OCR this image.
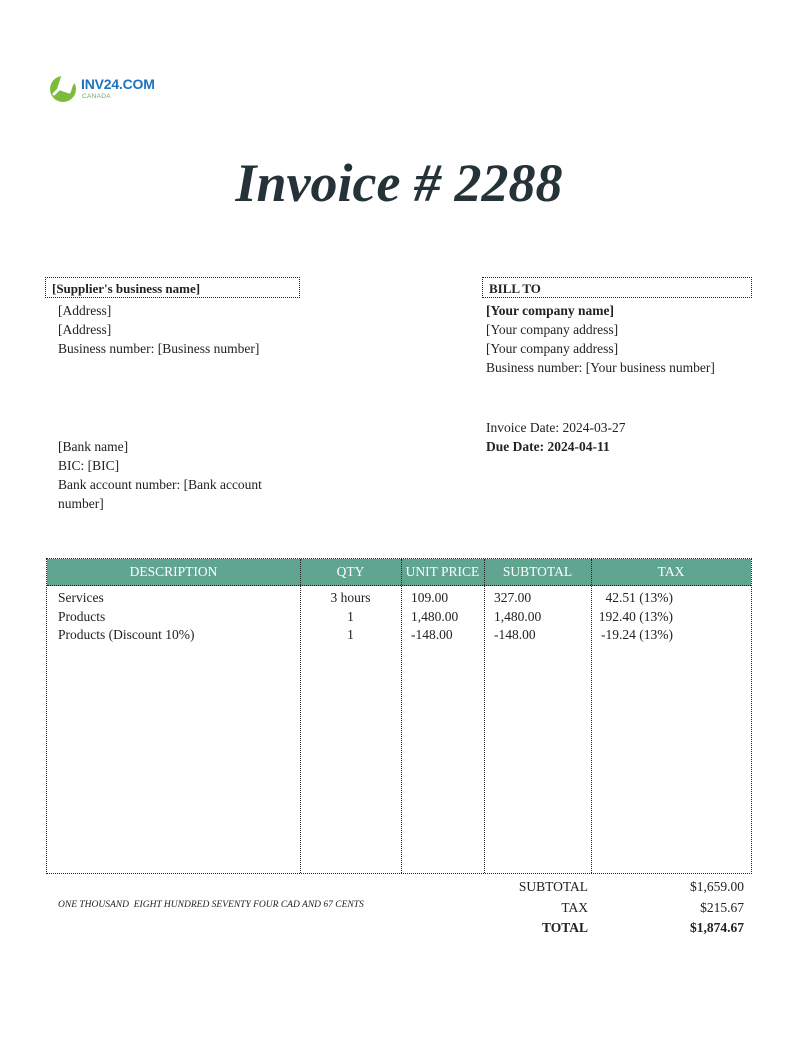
INV24.COM
CANADA
Invoice # 2288
[Supplier's business name]
[Address]
[Address]
Business number: [Business number]
[Bank name]
BIC: [BIC]
Bank account number: [Bank account number]
BILL TO
[Your company name]
[Your company address]
[Your company address]
Business number: [Your business number]
Invoice Date: 2024-03-27
Due Date: 2024-04-11
DESCRIPTION	QTY	UNIT PRICE	SUBTOTAL	TAX
Services	3 hours	109.00	327.00	42.51 (13%)
Products	1	1,480.00	1,480.00	192.40 (13%)
Products (Discount 10%)	1	-148.00	-148.00	-19.24 (13%)
ONE THOUSAND  EIGHT HUNDRED SEVENTY FOUR CAD AND 67 CENTS
SUBTOTAL	$1,659.00
TAX	$215.67
TOTAL	$1,874.67
